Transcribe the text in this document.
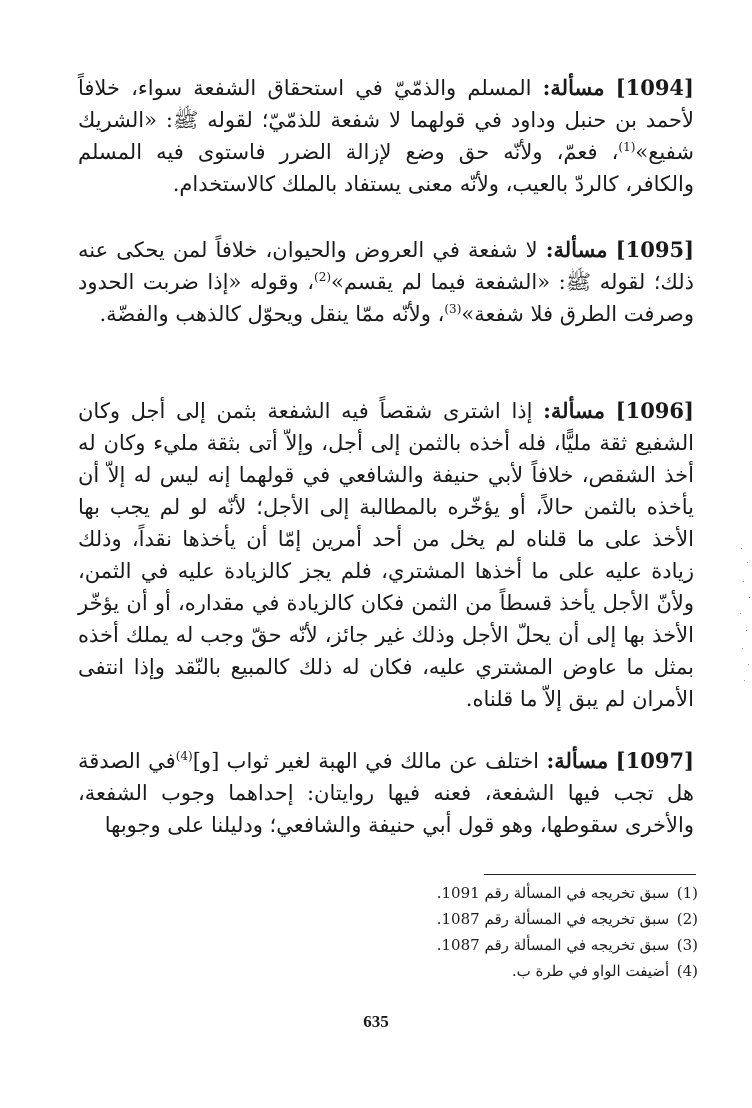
[1094] مسألة: المسلم والذمّيّ في استحقاق الشفعة سواء، خلافاً لأحمد بن حنبل وداود في قولهما لا شفعة للذمّيّ؛ لقوله ﷺ: «الشريك شفيع»$^{(1)}$، فعمّ، ولأنّه حق وضع لإزالة الضرر فاستوى فيه المسلم والكافر، كالردّ بالعيب، ولأنّه معنى يستفاد بالملك كالاستخدام.

[1095] مسألة: لا شفعة في العروض والحيوان، خلافاً لمن يحكى عنه ذلك؛ لقوله ﷺ: «الشفعة فيما لم يقسم»$^{(2)}$، وقوله «إذا ضربت الحدود وصرفت الطرق فلا شفعة»$^{(3)}$، ولأنّه ممّا ينقل ويحوّل كالذهب والفضّة.

[1096] مسألة: إذا اشترى شقصاً فيه الشفعة بثمن إلى أجل وكان الشفيع ثقة مليًّا، فله أخذه بالثمن إلى أجل، وإلاّ أتى بثقة مليء وكان له أخذ الشقص، خلافاً لأبي حنيفة والشافعي في قولهما إنه ليس له إلاّ أن يأخذه بالثمن حالاً، أو يؤخّره بالمطالبة إلى الأجل؛ لأنّه لو لم يجب بها الأخذ على ما قلناه لم يخل من أحد أمرين إمّا أن يأخذها نقداً، وذلك زيادة عليه على ما أخذها المشتري، فلم يجز كالزيادة عليه في الثمن، ولأنّ الأجل يأخذ قسطاً من الثمن فكان كالزيادة في مقداره، أو أن يؤخّر الأخذ بها إلى أن يحلّ الأجل وذلك غير جائز، لأنّه حقّ وجب له يملك أخذه بمثل ما عاوض المشتري عليه، فكان له ذلك كالمبيع بالنّقد وإذا انتفى الأمران لم يبق إلاّ ما قلناه.

[1097] مسألة: اختلف عن مالك في الهبة لغير ثواب [و]$^{(4)}$في الصدقة هل تجب فيها الشفعة، فعنه فيها روايتان: إحداهما وجوب الشفعة، والأخرى سقوطها، وهو قول أبي حنيفة والشافعي؛ ودليلنا على وجوبها

(1) سبق تخريجه في المسألة رقم 1091.

(2) سبق تخريجه في المسألة رقم 1087.

(3) سبق تخريجه في المسألة رقم 1087.

(4) أضيفت الواو في طرة ب.

635
